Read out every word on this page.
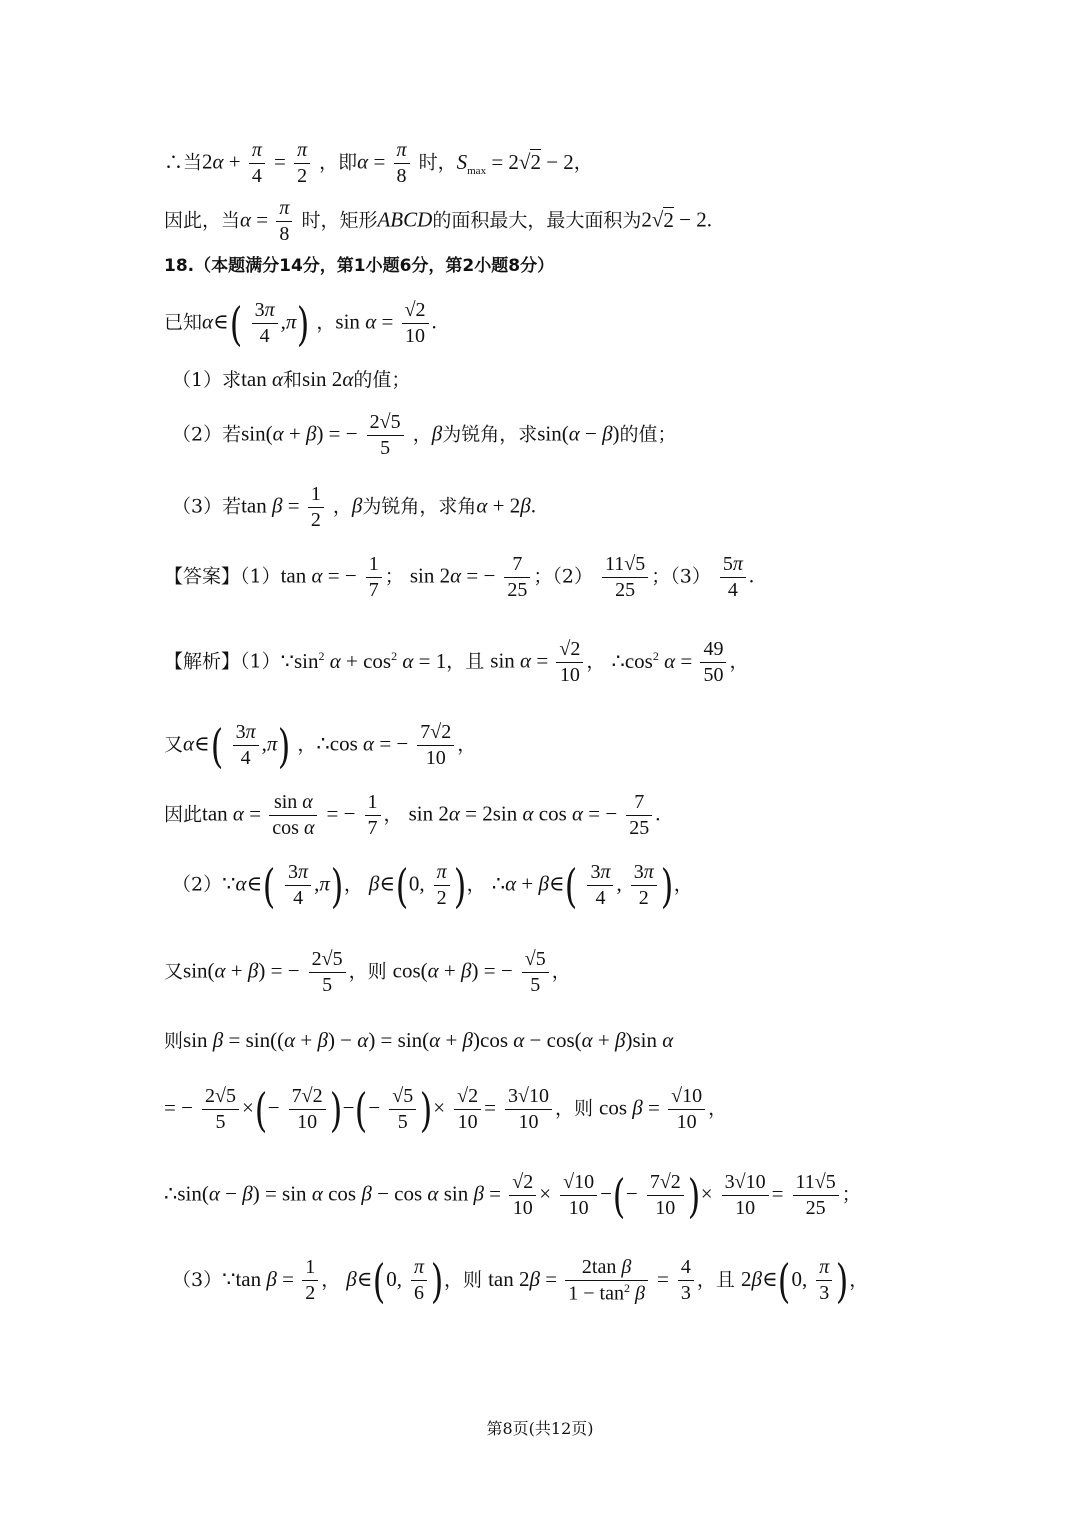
∴当$2\alpha + \frac{\pi}{4} = \frac{\pi}{2}$ ，即$\alpha = \frac{\pi}{8}$ 时，$S_{max} = 2√2 - 2$，
因此，当$\alpha = \frac{\pi}{8}$ 时，矩形ABCD的面积最大，最大面积为2√2 − 2.
18.（本题满分14分，第1小题6分，第2小题8分）
已知α∈( $\frac{3\pi}{4} ,\pi$) ，$\sin \alpha = \frac{√2}{10}$ .
（1）求tan α和sin 2α的值；
（2）若sin(α + β) = − $\frac{2√5}{5}$ ，β为锐角，求sin(α − β)的值；
（3）若$\tan \beta = \frac{1}{2}$ ，β为锐角，求角α + 2β.
【答案】（1）tan α = − $\frac{1}{7}$ ； sin 2α = − $\frac{7}{25}$ ；$(2) \frac{11√5}{25}$ ；$(3) \frac{5\pi}{4}$ .
【解析】$(1)\because\sin^2$ $\alpha + \cos^2 \alpha = 1$，且 $\sin \alpha = \frac{√2}{10}$ ， $\therefore\cos^2$ $\alpha = \frac{49}{50}$ ，
又α∈( $\frac{3\pi}{4} ,\pi$) ，∴cos α = − $\frac{7√2}{10}$ ，
因此$\tan \alpha = \frac{\text{sin α}}{\text{cos α}}$ = − $\frac{1}{7}$ ， sin 2α = 2sin α cos α = − $\frac{7}{25}$ .
（2）∵α∈( $\frac{3\pi}{4} ,\pi$)， β∈(0, $\frac{\pi}{2}$ )， ∴α + β∈( $\frac{3\pi}{4}$ , $\frac{3\pi}{2}$ )，
又sin(α + β) = − $\frac{2√5}{5}$ ，则 cos(α + β) = − $\frac{√5}{5}$ ，
则sin β = sin((α + β) − α) = sin(α + β)cos α − cos(α + β)sin α
= − $\frac{2√5}{5}$ ×(− $\frac{7√2}{10}$ )−(− $\frac{√5}{5}$ )× $\frac{√2}{10} = \frac{3√10}{10}$ ，则 $\cos \beta = \frac{√10}{10}$ ，
∴sin(α − β) = sin α cos β − cos α $\sin \beta = \frac{√2}{10} \times \frac{√10}{10}$ −(− $\frac{7√2}{10}$ )× $\frac{3√10}{10} = \frac{11√5}{25}$ ；
（3）∵tan $\beta = \frac{1}{2}$ ， β∈(0, $\frac{\pi}{6}$ )，则 $\tan 2\beta = \frac{\text{2tan β}}{1 - \tan^2 \beta} = \frac{4}{3}$ ，且 2β∈(0, $\frac{\pi}{3}$ )，
第8页(共12页)
